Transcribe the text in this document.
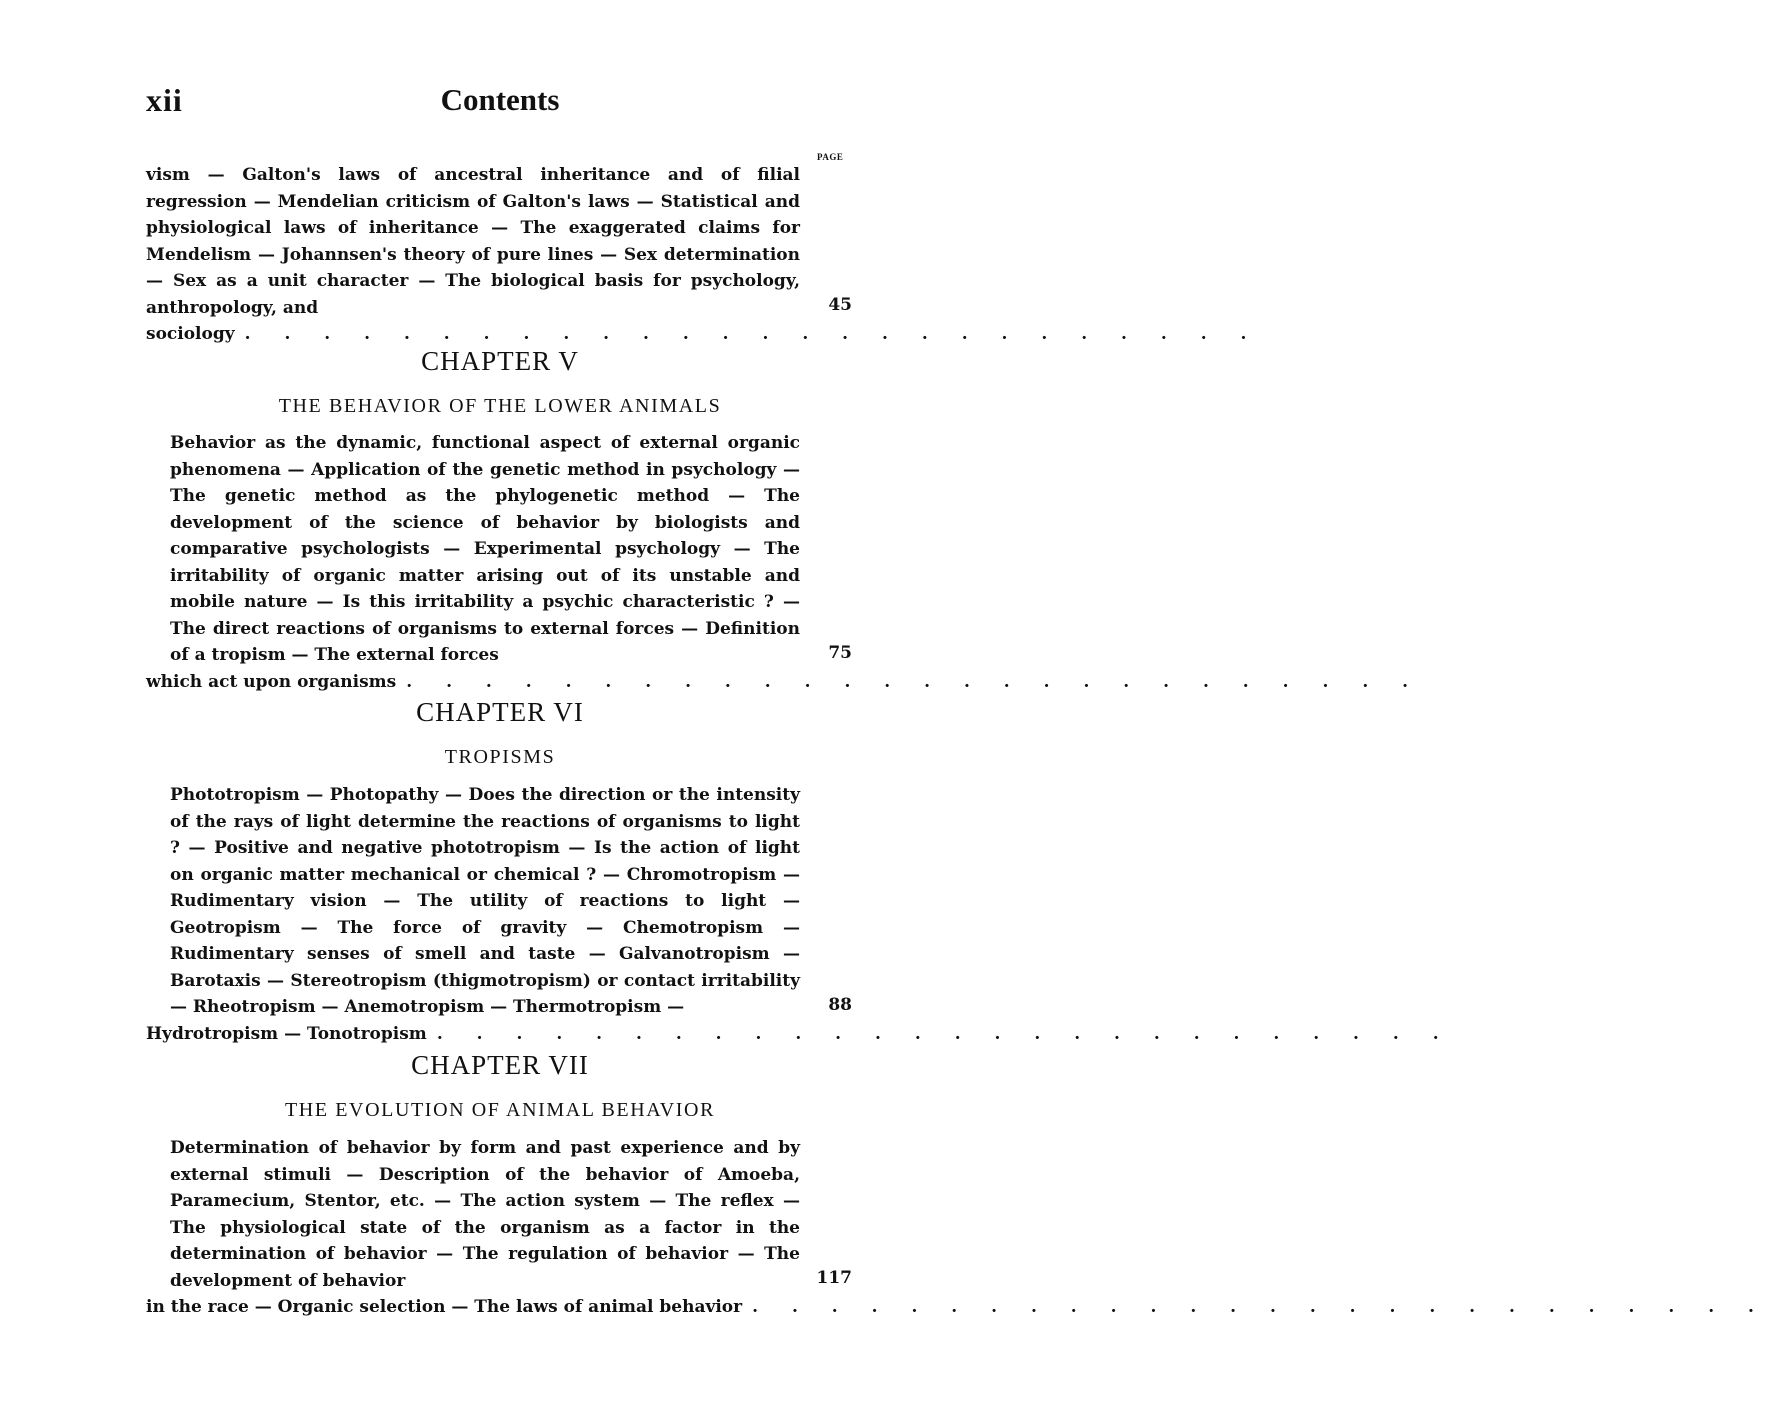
xii	Contents
PAGE
vism — Galton's laws of ancestral inheritance and of filial regression — Mendelian criticism of Galton's laws — Statistical and physiological laws of inheritance — The exaggerated claims for Mendelism — Johannsen's theory of pure lines — Sex determination — Sex as a unit character — The biological basis for psychology, anthropology, and
sociology . . . . . . . . . . . . . . . . . . . . . . . . . .
45
CHAPTER V
THE BEHAVIOR OF THE LOWER ANIMALS
Behavior as the dynamic, functional aspect of external organic phenomena — Application of the genetic method in psychology — The genetic method as the phylogenetic method — The development of the science of behavior by biologists and comparative psychologists — Experimental psychology — The irritability of organic matter arising out of its unstable and mobile nature — Is this irritability a psychic characteristic ? — The direct reactions of organisms to external forces — Definition of a tropism — The external forces
which act upon organisms . . . . . . . . . . . . . . . . . . . . . . . . . .
75
CHAPTER VI
TROPISMS
Phototropism — Photopathy — Does the direction or the intensity of the rays of light determine the reactions of organisms to light ? — Positive and negative phototropism — Is the action of light on organic matter mechanical or chemical ? — Chromotropism — Rudimentary vision — The utility of reactions to light — Geotropism — The force of gravity — Chemotropism — Rudimentary senses of smell and taste — Galvanotropism — Barotaxis — Stereotropism (thigmotropism) or contact irritability — Rheotropism — Anemotropism — Thermotropism —
Hydrotropism — Tonotropism . . . . . . . . . . . . . . . . . . . . . . . . . .
88
CHAPTER VII
THE EVOLUTION OF ANIMAL BEHAVIOR
Determination of behavior by form and past experience and by external stimuli — Description of the behavior of Amoeba, Paramecium, Stentor, etc. — The action system — The reflex — The physiological state of the organism as a factor in the determination of behavior — The regulation of behavior — The development of behavior
in the race — Organic selection — The laws of animal behavior . . . . . . . . . . . . . . . . . . . . . . . . . .
117
